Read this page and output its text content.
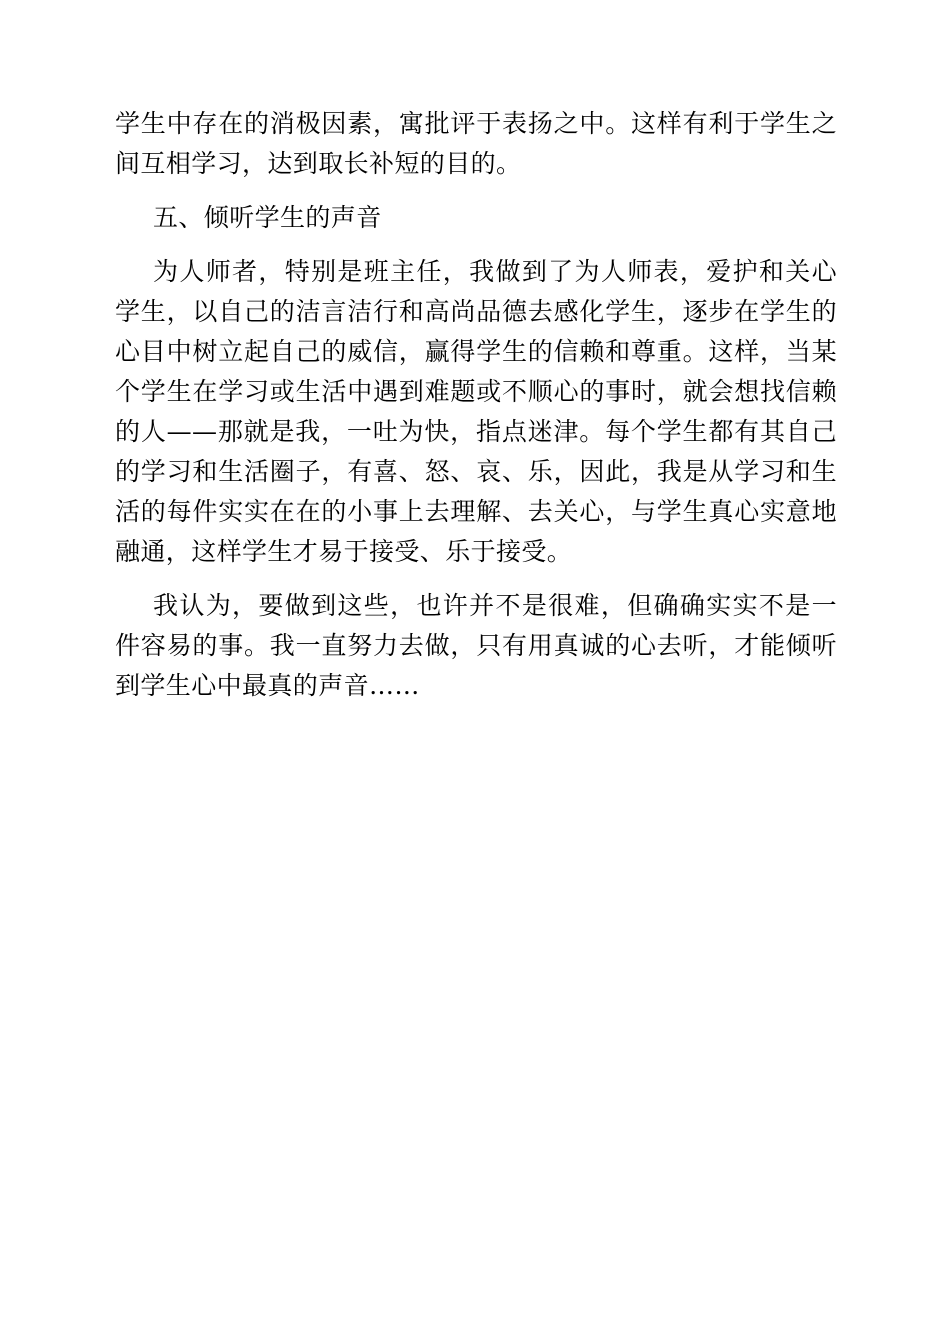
学生中存在的消极因素，寓批评于表扬之中。这样有利于学生之间互相学习，达到取长补短的目的。

五、倾听学生的声音

为人师者，特别是班主任，我做到了为人师表，爱护和关心学生，以自己的洁言洁行和高尚品德去感化学生，逐步在学生的心目中树立起自己的威信，赢得学生的信赖和尊重。这样，当某个学生在学习或生活中遇到难题或不顺心的事时，就会想找信赖的人——那就是我，一吐为快，指点迷津。每个学生都有其自己的学习和生活圈子，有喜、怒、哀、乐，因此，我是从学习和生活的每件实实在在的小事上去理解、去关心，与学生真心实意地融通，这样学生才易于接受、乐于接受。

我认为，要做到这些，也许并不是很难，但确确实实不是一件容易的事。我一直努力去做，只有用真诚的心去听，才能倾听到学生心中最真的声音……
